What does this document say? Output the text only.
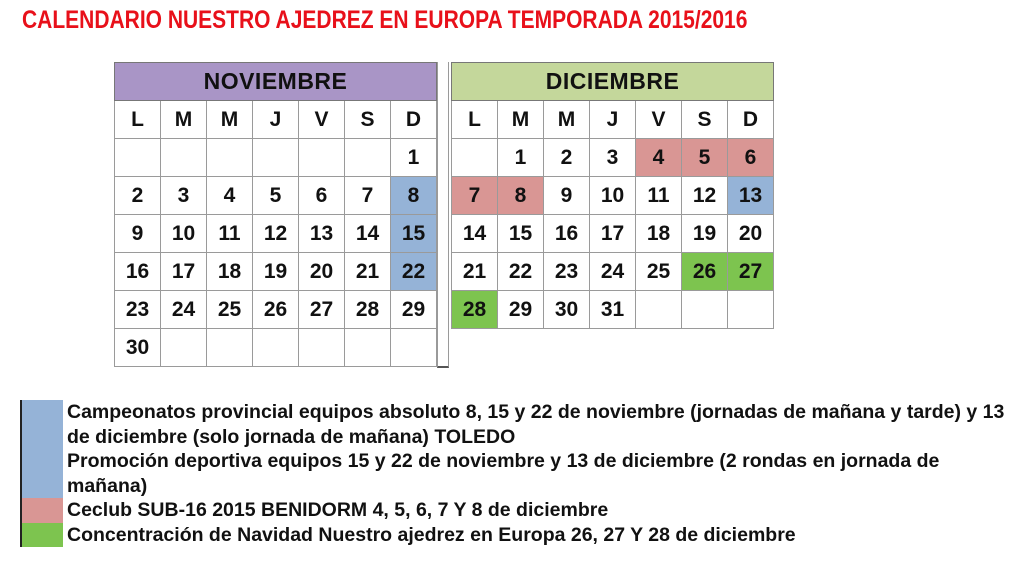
CALENDARIO NUESTRO AJEDREZ EN EUROPA TEMPORADA 2015/2016
NOVIEMBRE						
L	M	M	J	V	S	D
						1
2	3	4	5	6	7	8
9	10	11	12	13	14	15
16	17	18	19	20	21	22
23	24	25	26	27	28	29
30						
DICIEMBRE						
L	M	M	J	V	S	D
	1	2	3	4	5	6
7	8	9	10	11	12	13
14	15	16	17	18	19	20
21	22	23	24	25	26	27
28	29	30	31			
Campeonatos provincial equipos absoluto 8, 15 y 22 de noviembre (jornadas de mañana y tarde) y 13 de diciembre (solo jornada de mañana) TOLEDO
Promoción deportiva equipos 15 y 22 de noviembre y 13 de diciembre (2 rondas en jornada de mañana)
Ceclub SUB-16 2015 BENIDORM 4, 5, 6, 7 Y 8 de diciembre
Concentración de Navidad Nuestro ajedrez en Europa 26, 27 Y 28 de diciembre
